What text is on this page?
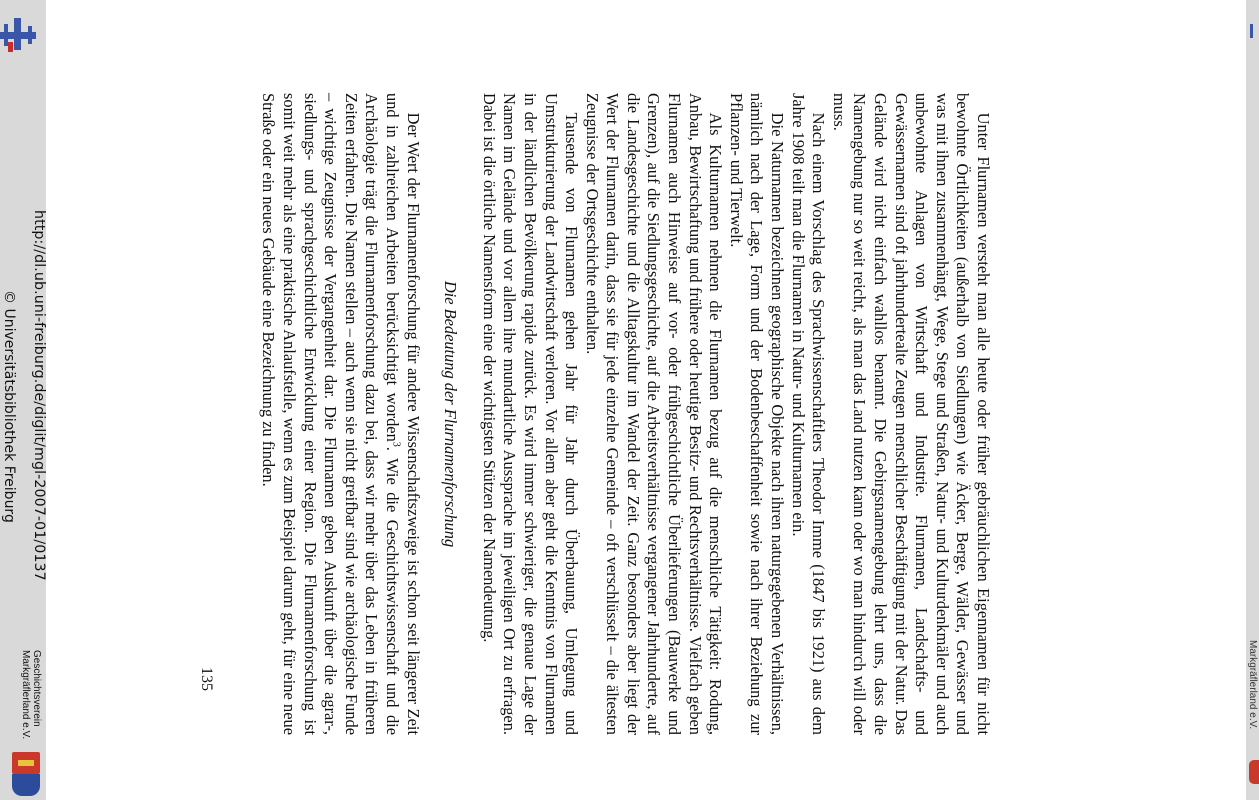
http://dl.ub.uni-freiburg.de/diglit/mgl-2007-01/0137
© Universitätsbibliothek Freiburg
Geschichtsverein
Markgräflerland e.V.	Unter Flurnamen versteht man alle heute oder früher gebräuchlichen Eigennamen für nicht bewohnte Örtlichkeiten (außerhalb von Siedlungen) wie Äcker, Berge, Wälder, Gewässer und was mit ihnen zusammenhängt, Wege, Stege und Straßen, Natur- und Kulturdenkmäler und auch unbewohnte Anlagen von Wirtschaft und Industrie. Flurnamen, Landschafts- und Gewässernamen sind oft jahrhundertealte Zeugen menschlicher Beschäftigung mit der Natur. Das Gelände wird nicht einfach wahllos benannt. Die Gebirgsnamengebung lehrt uns, dass die Namengebung nur so weit reicht, als man das Land nutzen kann oder wo man hindurch will oder muss.

Nach einem Vorschlag des Sprachwissenschaftlers Theodor Imme (1847 bis 1921) aus dem Jahre 1908 teilt man die Flurnamen in Natur- und Kulturnamen ein.

Die Naturnamen bezeichnen geographische Objekte nach ihren naturgegebenen Verhältnissen, nämlich nach der Lage, Form und der Bodenbeschaffenheit sowie nach ihrer Beziehung zur Pflanzen- und Tierwelt.

Als Kulturnamen nehmen die Flurnamen bezug auf die menschliche Tätigkeit: Rodung, Anbau, Bewirtschaftung und frühere oder heutige Besitz- und Rechtsverhältnisse. Vielfach geben Flurnamen auch Hinweise auf vor- oder frühgeschichtliche Überlieferungen (Bauwerke und Grenzen), auf die Siedlungsgeschichte, auf die Arbeitsverhältnisse vergangener Jahrhunderte, auf die Landesgeschichte und die Alltagskultur im Wandel der Zeit. Ganz besonders aber liegt der Wert der Flurnamen darin, dass sie für jede einzelne Gemeinde – oft verschlüsselt – die ältesten Zeugnisse der Ortsgeschichte enthalten.

Tausende von Flurnamen gehen Jahr für Jahr durch Überbauung, Umlegung und Umstrukturierung der Landwirtschaft verloren. Vor allem aber geht die Kenntnis von Flurnamen in der ländlichen Bevölkerung rapide zurück. Es wird immer schwieriger, die genaue Lage der Namen im Gelände und vor allem ihre mundartliche Aussprache im jeweiligen Ort zu erfragen. Dabei ist die örtliche Namensform eine der wichtigsten Stützen der Namendeutung.

Die Bedeutung der Flurnamenforschung

Der Wert der Flurnamenforschung für andere Wissenschaftszweige ist schon seit längerer Zeit und in zahlreichen Arbeiten berücksichtigt worden$^3$. Wie die Geschichtswissenschaft und die Archäologie trägt die Flurnamenforschung dazu bei, dass wir mehr über das Leben in früheren Zeiten erfahren. Die Namen stellen – auch wenn sie nicht greifbar sind wie archäologische Funde – wichtige Zeugnisse der Vergangenheit dar. Die Flurnamen geben Auskunft über die agrar-, siedlungs- und sprachgeschichtliche Entwicklung einer Region. Die Flurnamenforschung ist somit weit mehr als eine praktische Anlaufstelle, wenn es zum Beispiel darum geht, für eine neue Straße oder ein neues Gebäude eine Bezeichnung zu finden.

135	Markgräflerland e.V.
